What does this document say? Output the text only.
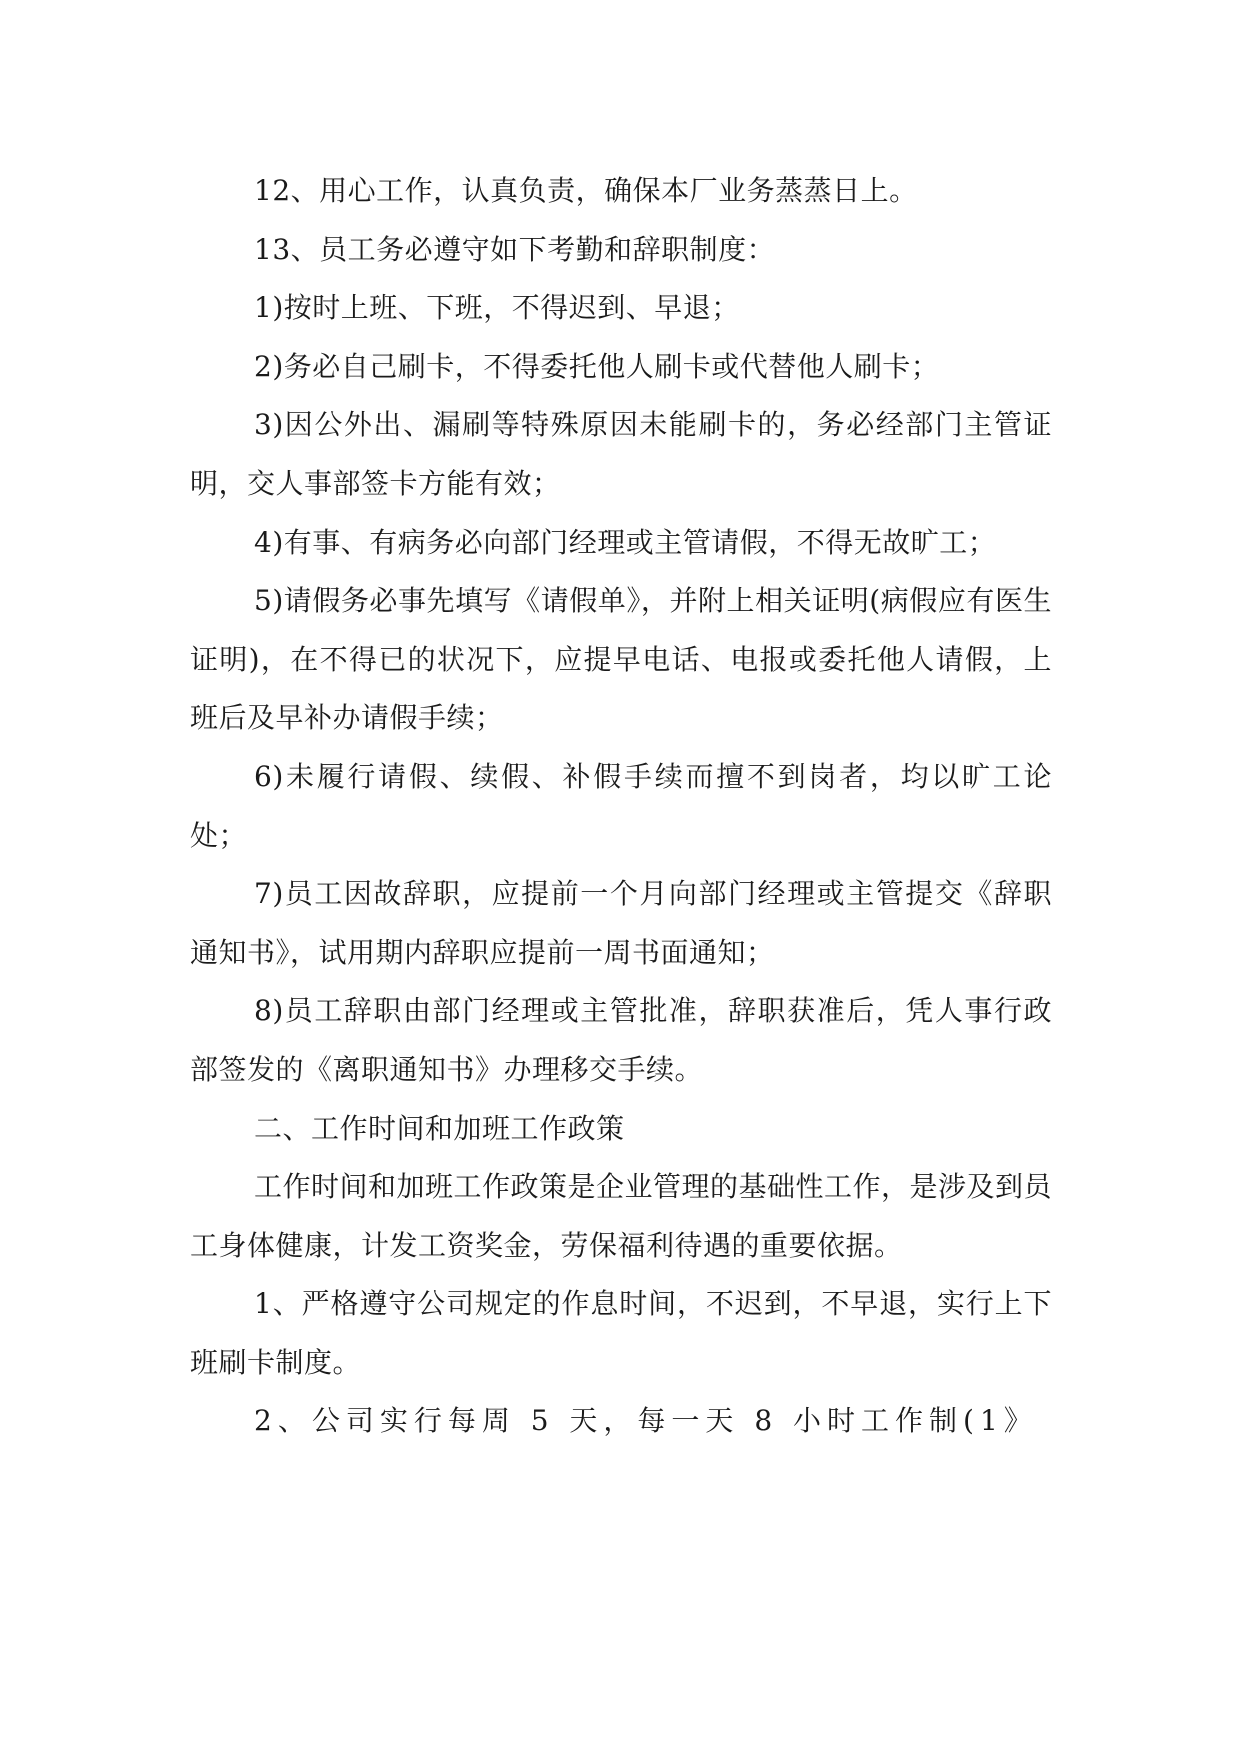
12、用心工作，认真负责，确保本厂业务蒸蒸日上。

13、员工务必遵守如下考勤和辞职制度：

1)按时上班、下班，不得迟到、早退；

2)务必自己刷卡，不得委托他人刷卡或代替他人刷卡；

3)因公外出、漏刷等特殊原因未能刷卡的，务必经部门主管证明，交人事部签卡方能有效；

4)有事、有病务必向部门经理或主管请假，不得无故旷工；

5)请假务必事先填写《请假单》，并附上相关证明(病假应有医生证明)，在不得已的状况下，应提早电话、电报或委托他人请假，上班后及早补办请假手续；

6)未履行请假、续假、补假手续而擅不到岗者，均以旷工论处；

7)员工因故辞职，应提前一个月向部门经理或主管提交《辞职通知书》，试用期内辞职应提前一周书面通知；

8)员工辞职由部门经理或主管批准，辞职获准后，凭人事行政部签发的《离职通知书》办理移交手续。

二、工作时间和加班工作政策

工作时间和加班工作政策是企业管理的基础性工作，是涉及到员工身体健康，计发工资奖金，劳保福利待遇的重要依据。

1、严格遵守公司规定的作息时间，不迟到，不早退，实行上下班刷卡制度。

2、公司实行每周 5 天，每一天 8 小时工作制(1》
